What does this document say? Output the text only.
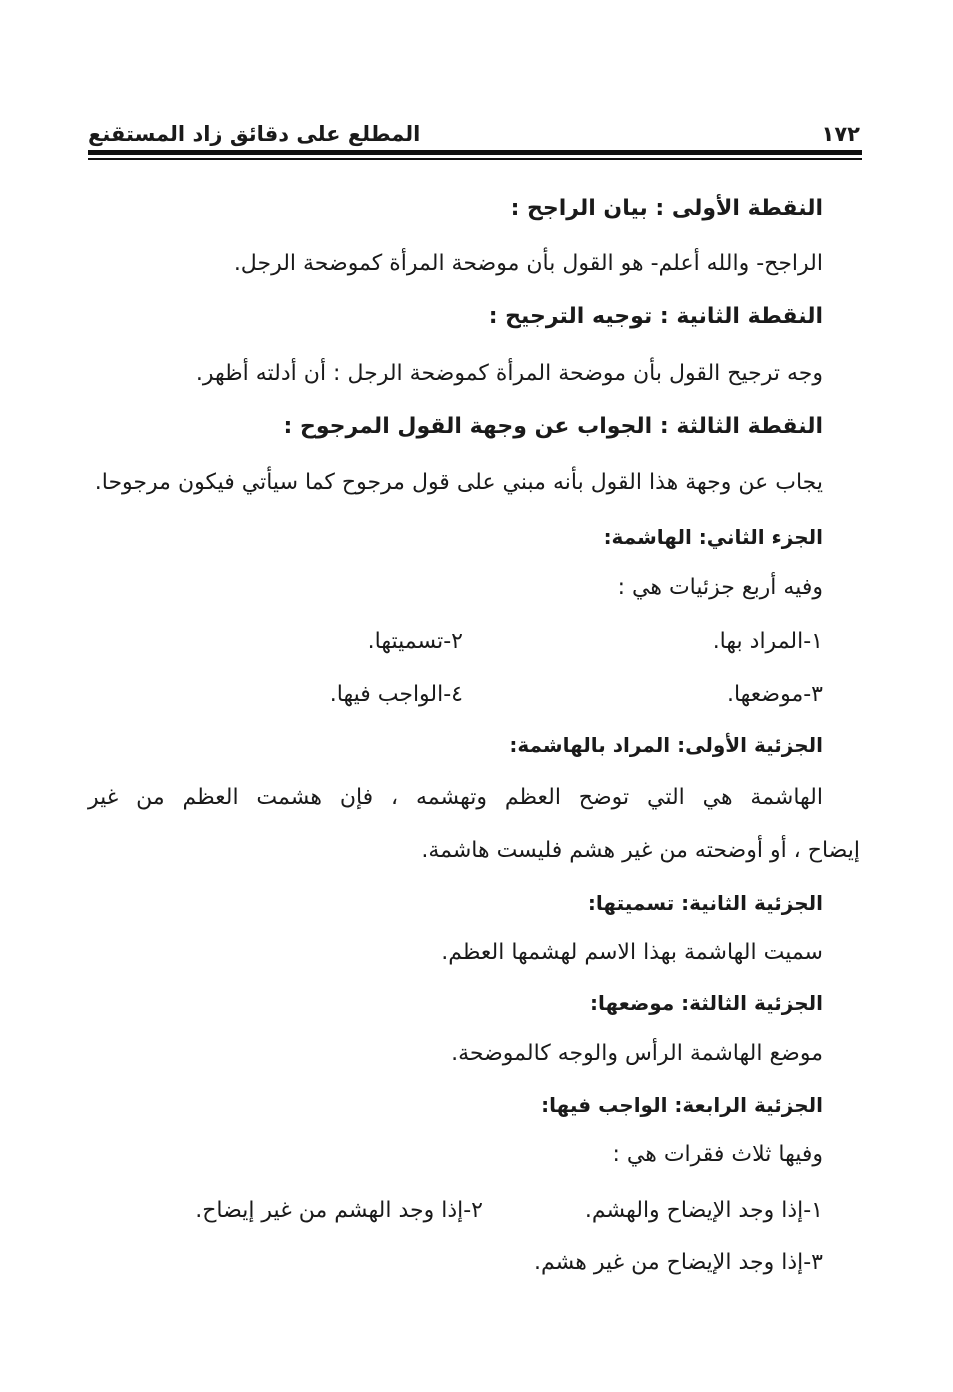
المطلع على دقائق زاد المستقنع	١٧٢
النقطة الأولى : بيان الراجح :
الراجح- والله أعلم- هو القول بأن موضحة المرأة كموضحة الرجل.
النقطة الثانية : توجيه الترجيح :
وجه ترجيح القول بأن موضحة المرأة كموضحة الرجل : أن أدلته أظهر.
النقطة الثالثة : الجواب عن وجهة القول المرجوح :
يجاب عن وجهة هذا القول بأنه مبني على قول مرجوح كما سيأتي فيكون مرجوحا.
الجزء الثاني: الهاشمة:
وفيه أربع جزئيات هي :
١-المراد بها.
٢-تسميتها.
٣-موضعها.
٤-الواجب فيها.
الجزئية الأولى: المراد بالهاشمة:
الهاشمة هي التي توضح العظم وتهشمه ، فإن هشمت العظم من غير
إيضاح ، أو أوضحته من غير هشم فليست هاشمة.
الجزئية الثانية: تسميتها:
سميت الهاشمة بهذا الاسم لهشمها العظم.
الجزئية الثالثة: موضعها:
موضع الهاشمة الرأس والوجه كالموضحة.
الجزئية الرابعة: الواجب فيها:
وفيها ثلاث فقرات هي :
١-إذا وجد الإيضاح والهشم.
٢-إذا وجد الهشم من غير إيضاح.
٣-إذا وجد الإيضاح من غير هشم.
